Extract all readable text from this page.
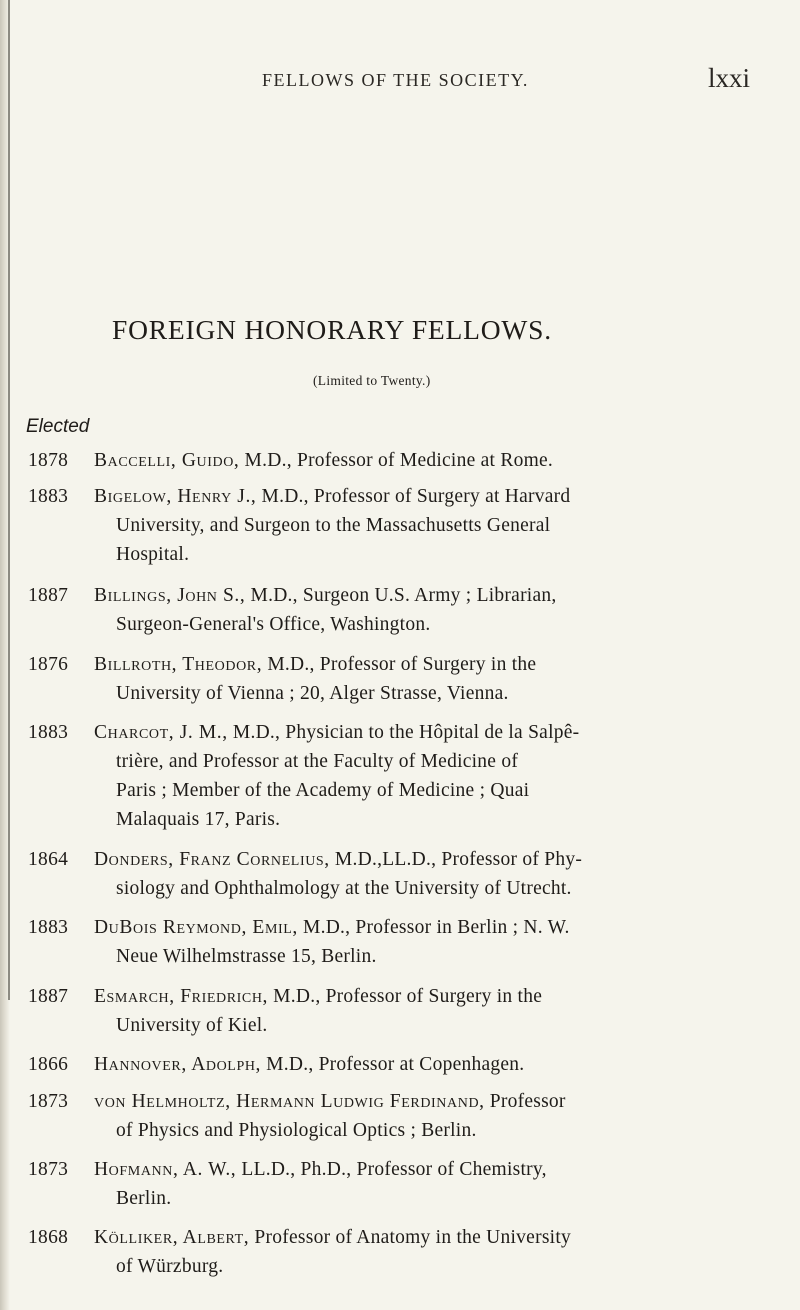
FELLOWS OF THE SOCIETY.	lxxi
FOREIGN HONORARY FELLOWS.
(Limited to Twenty.)
Elected
1878	Baccelli, Guido, M.D., Professor of Medicine at Rome.
1883	Bigelow, Henry J., M.D., Professor of Surgery at Harvard
University, and Surgeon to the Massachusetts General
Hospital.
1887	Billings, John S., M.D., Surgeon U.S. Army ; Librarian,
Surgeon-General's Office, Washington.
1876	Billroth, Theodor, M.D., Professor of Surgery in the
University of Vienna ; 20, Alger Strasse, Vienna.
1883	Charcot, J. M., M.D., Physician to the Hôpital de la Salpê-
trière, and Professor at the Faculty of Medicine of
Paris ; Member of the Academy of Medicine ; Quai
Malaquais 17, Paris.
1864	Donders, Franz Cornelius, M.D.,LL.D., Professor of Phy-
siology and Ophthalmology at the University of Utrecht.
1883	DuBois Reymond, Emil, M.D., Professor in Berlin ; N. W.
Neue Wilhelmstrasse 15, Berlin.
1887	Esmarch, Friedrich, M.D., Professor of Surgery in the
University of Kiel.
1866	Hannover, Adolph, M.D., Professor at Copenhagen.
1873	von Helmholtz, Hermann Ludwig Ferdinand, Professor
of Physics and Physiological Optics ; Berlin.
1873	Hofmann, A. W., LL.D., Ph.D., Professor of Chemistry,
Berlin.
1868	Kölliker, Albert, Professor of Anatomy in the University
of Würzburg.
